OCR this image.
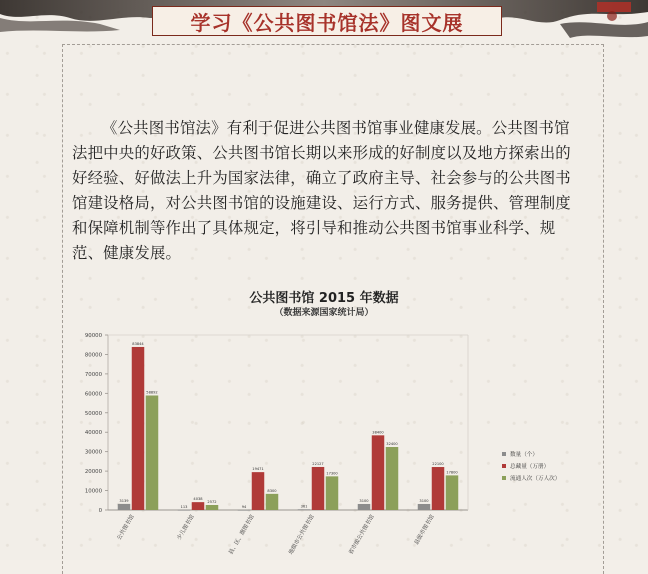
学习《公共图书馆法》图文展
《公共图书馆法》有利于促进公共图书馆事业健康发展。公共图书馆法把中央的好政策、公共图书馆长期以来形成的好制度以及地方探索出的好经验、好做法上升为国家法律，确立了政府主导、社会参与的公共图书馆建设格局，对公共图书馆的设施建设、运行方式、服务提供、管理制度和保障机制等作出了具体规定，将引导和推动公共图书馆事业科学、规范、健康发展。
公共图书馆 2015 年数据
（数据来源国家统计局）
0
10000
20000
30000
40000
50000
60000
70000
80000
90000
3139
83844
58892
公共图书馆
113
4038
2572
少儿图书馆
94
19471
8300
县、区、旗图书馆
361
22127
17300
地级市公共图书馆
3100
38400
32400
省市级公共图书馆
3100
22100
17800
县级市图书馆
数量（个）
总藏量（万册）
流通人次（万人次）
